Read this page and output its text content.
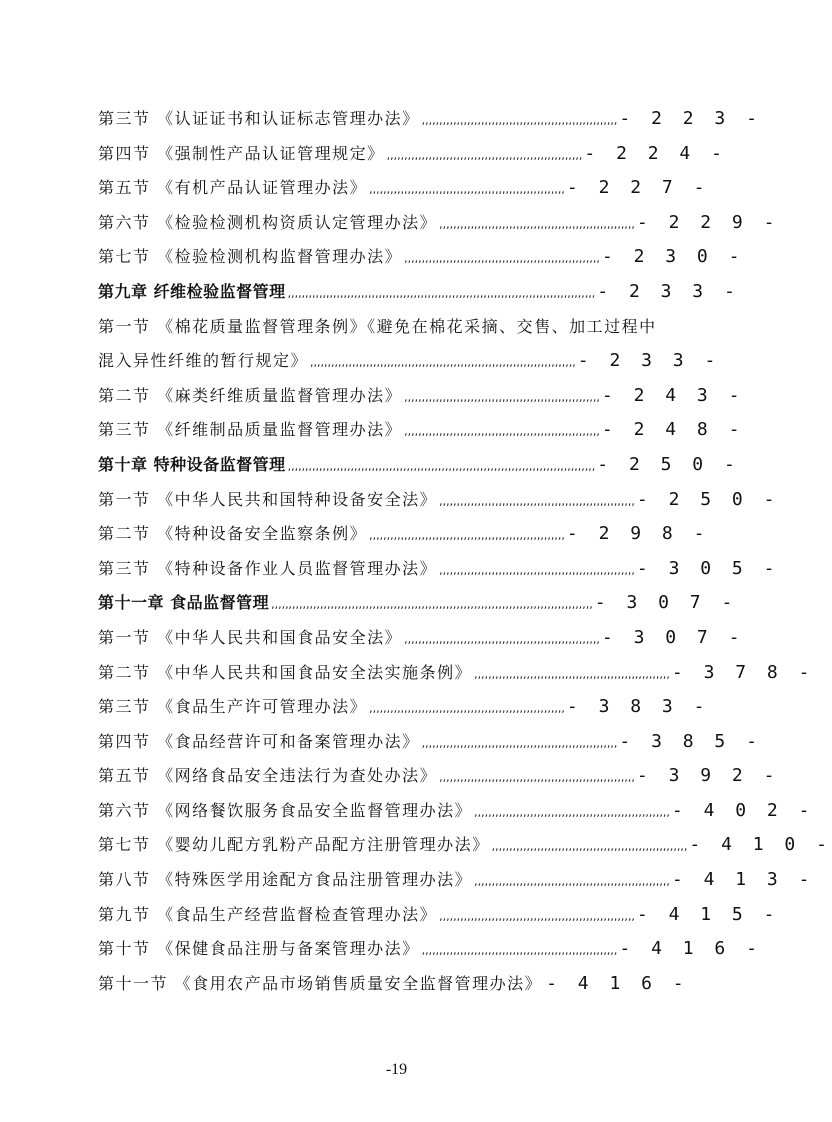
第三节 《认证证书和认证标志管理办法》 ,,,,,,,,,,,,,,,,,,,,,,,,,,,,,,,,,,,,,,,,,,,,,,,,,,,,,,,, - 2 2 3 -
第四节 《强制性产品认证管理规定》 ,,,,,,,,,,,,,,,,,,,,,,,,,,,,,,,,,,,,,,,,,,,,,,,,,,,,,,,, - 2 2 4 -
第五节 《有机产品认证管理办法》 ,,,,,,,,,,,,,,,,,,,,,,,,,,,,,,,,,,,,,,,,,,,,,,,,,,,,,,,, - 2 2 7 -
第六节 《检验检测机构资质认定管理办法》 ,,,,,,,,,,,,,,,,,,,,,,,,,,,,,,,,,,,,,,,,,,,,,,,,,,,,,,,, - 2 2 9 -
第七节 《检验检测机构监督管理办法》 ,,,,,,,,,,,,,,,,,,,,,,,,,,,,,,,,,,,,,,,,,,,,,,,,,,,,,,,, - 2 3 0 -
第九章 纤维检验监督管理 ,,,,,,,,,,,,,,,,,,,,,,,,,,,,,,,,,,,,,,,,,,,,,,,,,,,,,,,,,,,,,,,,,,,,,,,,,,,,,,,,,,,,,,,, - 2 3 3 -
第一节 《棉花质量监督管理条例》《避免在棉花采摘、交售、加工过程中
混入异性纤维的暂行规定》 ,,,,,,,,,,,,,,,,,,,,,,,,,,,,,,,,,,,,,,,,,,,,,,,,,,,,,,,,,,,,,,,,,,,,,,,,,,,, - 2 3 3 -
第二节 《麻类纤维质量监督管理办法》 ,,,,,,,,,,,,,,,,,,,,,,,,,,,,,,,,,,,,,,,,,,,,,,,,,,,,,,,, - 2 4 3 -
第三节 《纤维制品质量监督管理办法》 ,,,,,,,,,,,,,,,,,,,,,,,,,,,,,,,,,,,,,,,,,,,,,,,,,,,,,,,, - 2 4 8 -
第十章 特种设备监督管理 ,,,,,,,,,,,,,,,,,,,,,,,,,,,,,,,,,,,,,,,,,,,,,,,,,,,,,,,,,,,,,,,,,,,,,,,,,,,,,,,,,,,,,,,, - 2 5 0 -
第一节 《中华人民共和国特种设备安全法》 ,,,,,,,,,,,,,,,,,,,,,,,,,,,,,,,,,,,,,,,,,,,,,,,,,,,,,,,, - 2 5 0 -
第二节 《特种设备安全监察条例》 ,,,,,,,,,,,,,,,,,,,,,,,,,,,,,,,,,,,,,,,,,,,,,,,,,,,,,,,, - 2 9 8 -
第三节 《特种设备作业人员监督管理办法》 ,,,,,,,,,,,,,,,,,,,,,,,,,,,,,,,,,,,,,,,,,,,,,,,,,,,,,,,, - 3 0 5 -
第十一章 食品监督管理 ,,,,,,,,,,,,,,,,,,,,,,,,,,,,,,,,,,,,,,,,,,,,,,,,,,,,,,,,,,,,,,,,,,,,,,,,,,,,,,,,,,,,,,,,,,,, - 3 0 7 -
第一节 《中华人民共和国食品安全法》 ,,,,,,,,,,,,,,,,,,,,,,,,,,,,,,,,,,,,,,,,,,,,,,,,,,,,,,,, - 3 0 7 -
第二节 《中华人民共和国食品安全法实施条例》 ,,,,,,,,,,,,,,,,,,,,,,,,,,,,,,,,,,,,,,,,,,,,,,,,,,,,,,,, - 3 7 8 -
第三节 《食品生产许可管理办法》 ,,,,,,,,,,,,,,,,,,,,,,,,,,,,,,,,,,,,,,,,,,,,,,,,,,,,,,,, - 3 8 3 -
第四节 《食品经营许可和备案管理办法》 ,,,,,,,,,,,,,,,,,,,,,,,,,,,,,,,,,,,,,,,,,,,,,,,,,,,,,,,, - 3 8 5 -
第五节 《网络食品安全违法行为查处办法》 ,,,,,,,,,,,,,,,,,,,,,,,,,,,,,,,,,,,,,,,,,,,,,,,,,,,,,,,, - 3 9 2 -
第六节 《网络餐饮服务食品安全监督管理办法》 ,,,,,,,,,,,,,,,,,,,,,,,,,,,,,,,,,,,,,,,,,,,,,,,,,,,,,,,, - 4 0 2 -
第七节 《婴幼儿配方乳粉产品配方注册管理办法》 ,,,,,,,,,,,,,,,,,,,,,,,,,,,,,,,,,,,,,,,,,,,,,,,,,,,,,,,, - 4 1 0 -
第八节 《特殊医学用途配方食品注册管理办法》 ,,,,,,,,,,,,,,,,,,,,,,,,,,,,,,,,,,,,,,,,,,,,,,,,,,,,,,,, - 4 1 3 -
第九节 《食品生产经营监督检查管理办法》 ,,,,,,,,,,,,,,,,,,,,,,,,,,,,,,,,,,,,,,,,,,,,,,,,,,,,,,,, - 4 1 5 -
第十节 《保健食品注册与备案管理办法》 ,,,,,,,,,,,,,,,,,,,,,,,,,,,,,,,,,,,,,,,,,,,,,,,,,,,,,,,, - 4 1 6 -
第十一节 《食用农产品市场销售质量安全监督管理办法》 - 4 1 6 -
-19
